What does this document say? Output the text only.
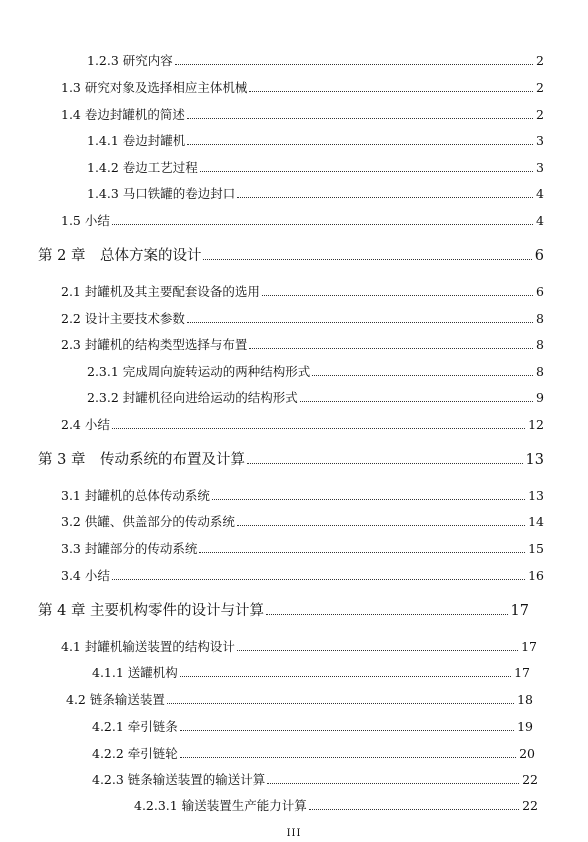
1.2.3 研究内容	2
1.3 研究对象及选择相应主体机械	2
1.4 卷边封罐机的简述	2
1.4.1 卷边封罐机	3
1.4.2 卷边工艺过程	3
1.4.3 马口铁罐的卷边封口	4
1.5 小结	4
第 2 章　总体方案的设计	6
2.1 封罐机及其主要配套设备的选用	6
2.2 设计主要技术参数	8
2.3 封罐机的结构类型选择与布置	8
2.3.1 完成周向旋转运动的两种结构形式	8
2.3.2 封罐机径向进给运动的结构形式	9
2.4 小结	12
第 3 章　传动系统的布置及计算	13
3.1 封罐机的总体传动系统	13
3.2 供罐、供盖部分的传动系统	14
3.3 封罐部分的传动系统	15
3.4 小结	16
第 4 章 主要机构零件的设计与计算	17
4.1 封罐机输送装置的结构设计	17
4.1.1 送罐机构	17
4.2 链条输送装置	18
4.2.1 牵引链条	19
4.2.2 牵引链轮	20
4.2.3 链条输送装置的输送计算	22
4.2.3.1 输送装置生产能力计算	22
III
